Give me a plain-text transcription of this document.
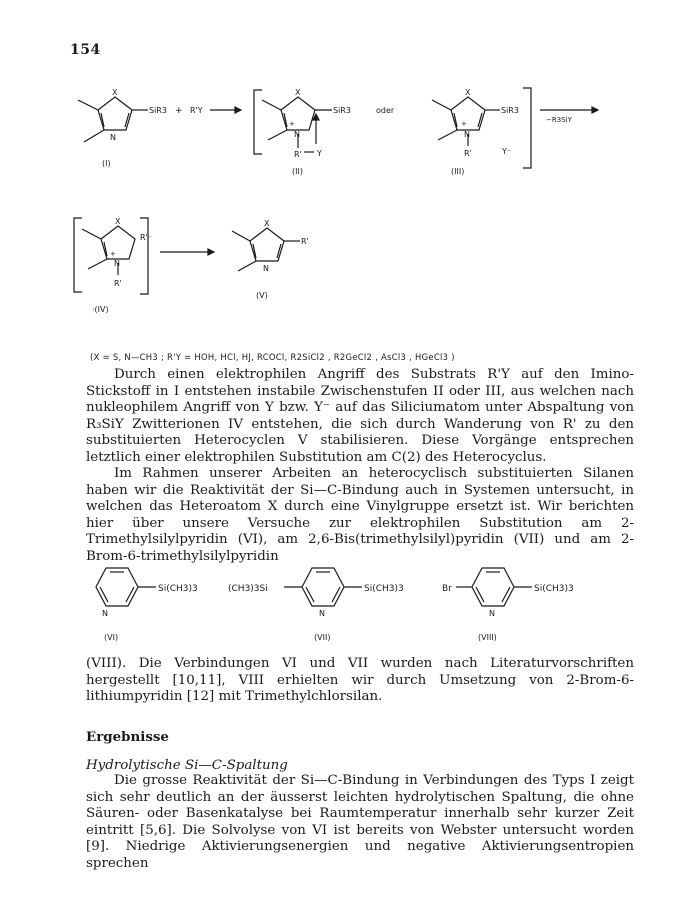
154
X
N
SiR3 + R'Y
(I)
X
+
N
SiR3
R' Y
(II)
oder
X
+
N
SiR3
R'	Y⁻
(III)
−R3SiY
X
+
N
R'
R'⁻
·(IV)
X
N
R'
(V)
(X = S, N—CH3 ; R'Y = HOH, HCl, HJ, RCOCl, R2SiCl2 , R2GeCl2 , AsCl3 , HGeCl3 )

Durch einen elektrophilen Angriff des Substrats R'Y auf den Imino-Stickstoff in I entstehen instabile Zwischenstufen II oder III, aus welchen nach nukleophilem Angriff von Y bzw. Y⁻ auf das Siliciumatom unter Abspaltung von R₃SiY Zwitterionen IV entstehen, die sich durch Wanderung von R' zu den substituierten Heterocyclen V stabilisieren. Diese Vorgänge entsprechen letztlich einer elektrophilen Substitution am C(2) des Heterocyclus.

Im Rahmen unserer Arbeiten an heterocyclisch substituierten Silanen haben wir die Reaktivität der Si—C-Bindung auch in Systemen untersucht, in welchen das Heteroatom X durch eine Vinylgruppe ersetzt ist. Wir berichten hier über unsere Versuche zur elektrophilen Substitution am 2-Trimethylsilylpyridin (VI), am 2,6-Bis(trimethylsilyl)pyridin (VII) und am 2-Brom-6-trimethylsilylpyridin

N
Si(CH3)3
(VI)
(CH3)3Si
N
Si(CH3)3
(VII)
Br
N
Si(CH3)3
(VIII)

(VIII). Die Verbindungen VI und VII wurden nach Literaturvorschriften hergestellt [10,11], VIII erhielten wir durch Umsetzung von 2-Brom-6-lithiumpyridin [12] mit Trimethylchlorsilan.

Ergebnisse
Hydrolytische Si—C-Spaltung

Die grosse Reaktivität der Si—C-Bindung in Verbindungen des Typs I zeigt sich sehr deutlich an der äusserst leichten hydrolytischen Spaltung, die ohne Säuren- oder Basenkatalyse bei Raumtemperatur innerhalb sehr kurzer Zeit eintritt [5,6]. Die Solvolyse von VI ist bereits von Webster untersucht worden [9]. Niedrige Aktivierungsenergien und negative Aktivierungsentropien sprechen
